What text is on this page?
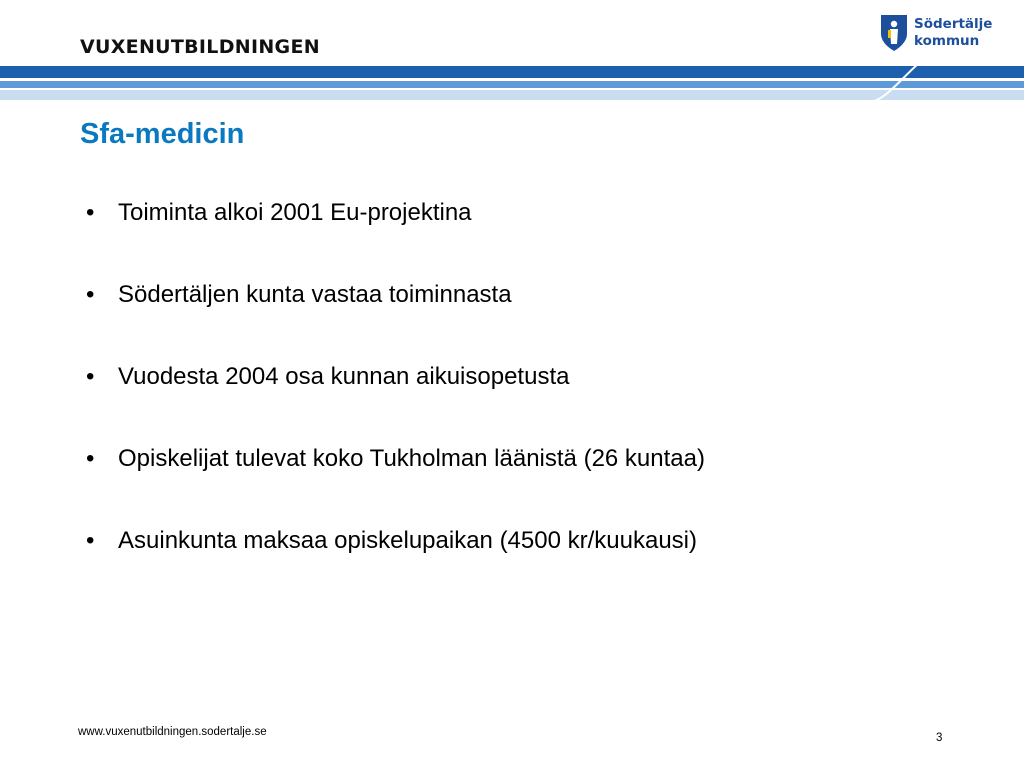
VUXENUTBILDNINGEN
Södertälje
kommun
Sfa-medicin
• Toiminta alkoi 2001 Eu-projektina
• Södertäljen kunta vastaa toiminnasta
• Vuodesta 2004 osa kunnan aikuisopetusta
• Opiskelijat tulevat koko Tukholman läänistä (26 kuntaa)
• Asuinkunta maksaa opiskelupaikan (4500 kr/kuukausi)
www.vuxenutbildningen.sodertalje.se	3
